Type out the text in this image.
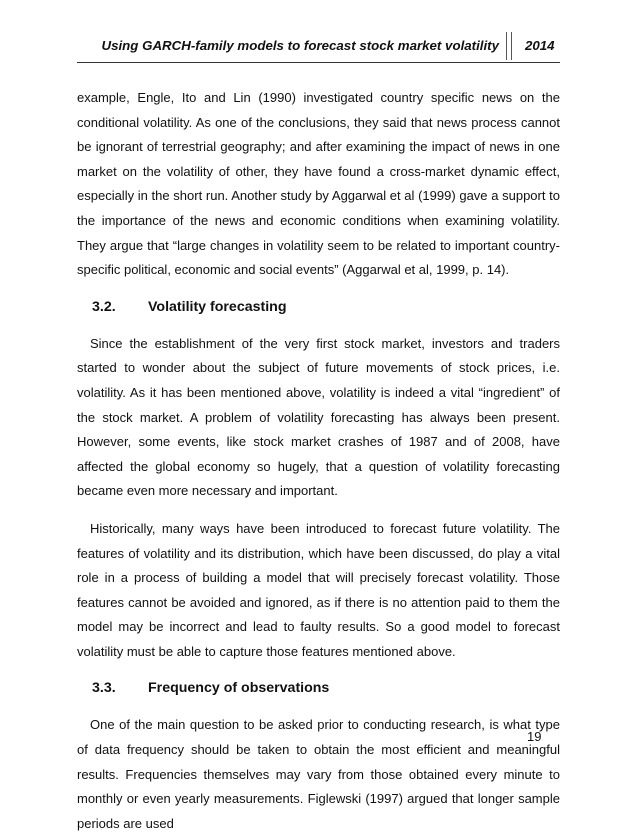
Using GARCH-family models to forecast stock market volatility 2014

example, Engle, Ito and Lin (1990) investigated country specific news on the conditional volatility. As one of the conclusions, they said that news process cannot be ignorant of terrestrial geography; and after examining the impact of news in one market on the volatility of other, they have found a cross-market dynamic effect, especially in the short run. Another study by Aggarwal et al (1999) gave a support to the importance of the news and economic conditions when examining volatility. They argue that “large changes in volatility seem to be related to important country-specific political, economic and social events” (Aggarwal et al, 1999, p. 14).

3.2. Volatility forecasting

Since the establishment of the very first stock market, investors and traders started to wonder about the subject of future movements of stock prices, i.e. volatility. As it has been mentioned above, volatility is indeed a vital “ingredient” of the stock market. A problem of volatility forecasting has always been present. However, some events, like stock market crashes of 1987 and of 2008, have affected the global economy so hugely, that a question of volatility forecasting became even more necessary and important.

Historically, many ways have been introduced to forecast future volatility. The features of volatility and its distribution, which have been discussed, do play a vital role in a process of building a model that will precisely forecast volatility. Those features cannot be avoided and ignored, as if there is no attention paid to them the model may be incorrect and lead to faulty results. So a good model to forecast volatility must be able to capture those features mentioned above.

3.3. Frequency of observations

One of the main question to be asked prior to conducting research, is what type of data frequency should be taken to obtain the most efficient and meaningful results. Frequencies themselves may vary from those obtained every minute to monthly or even yearly measurements. Figlewski (1997) argued that longer sample periods are used

19
